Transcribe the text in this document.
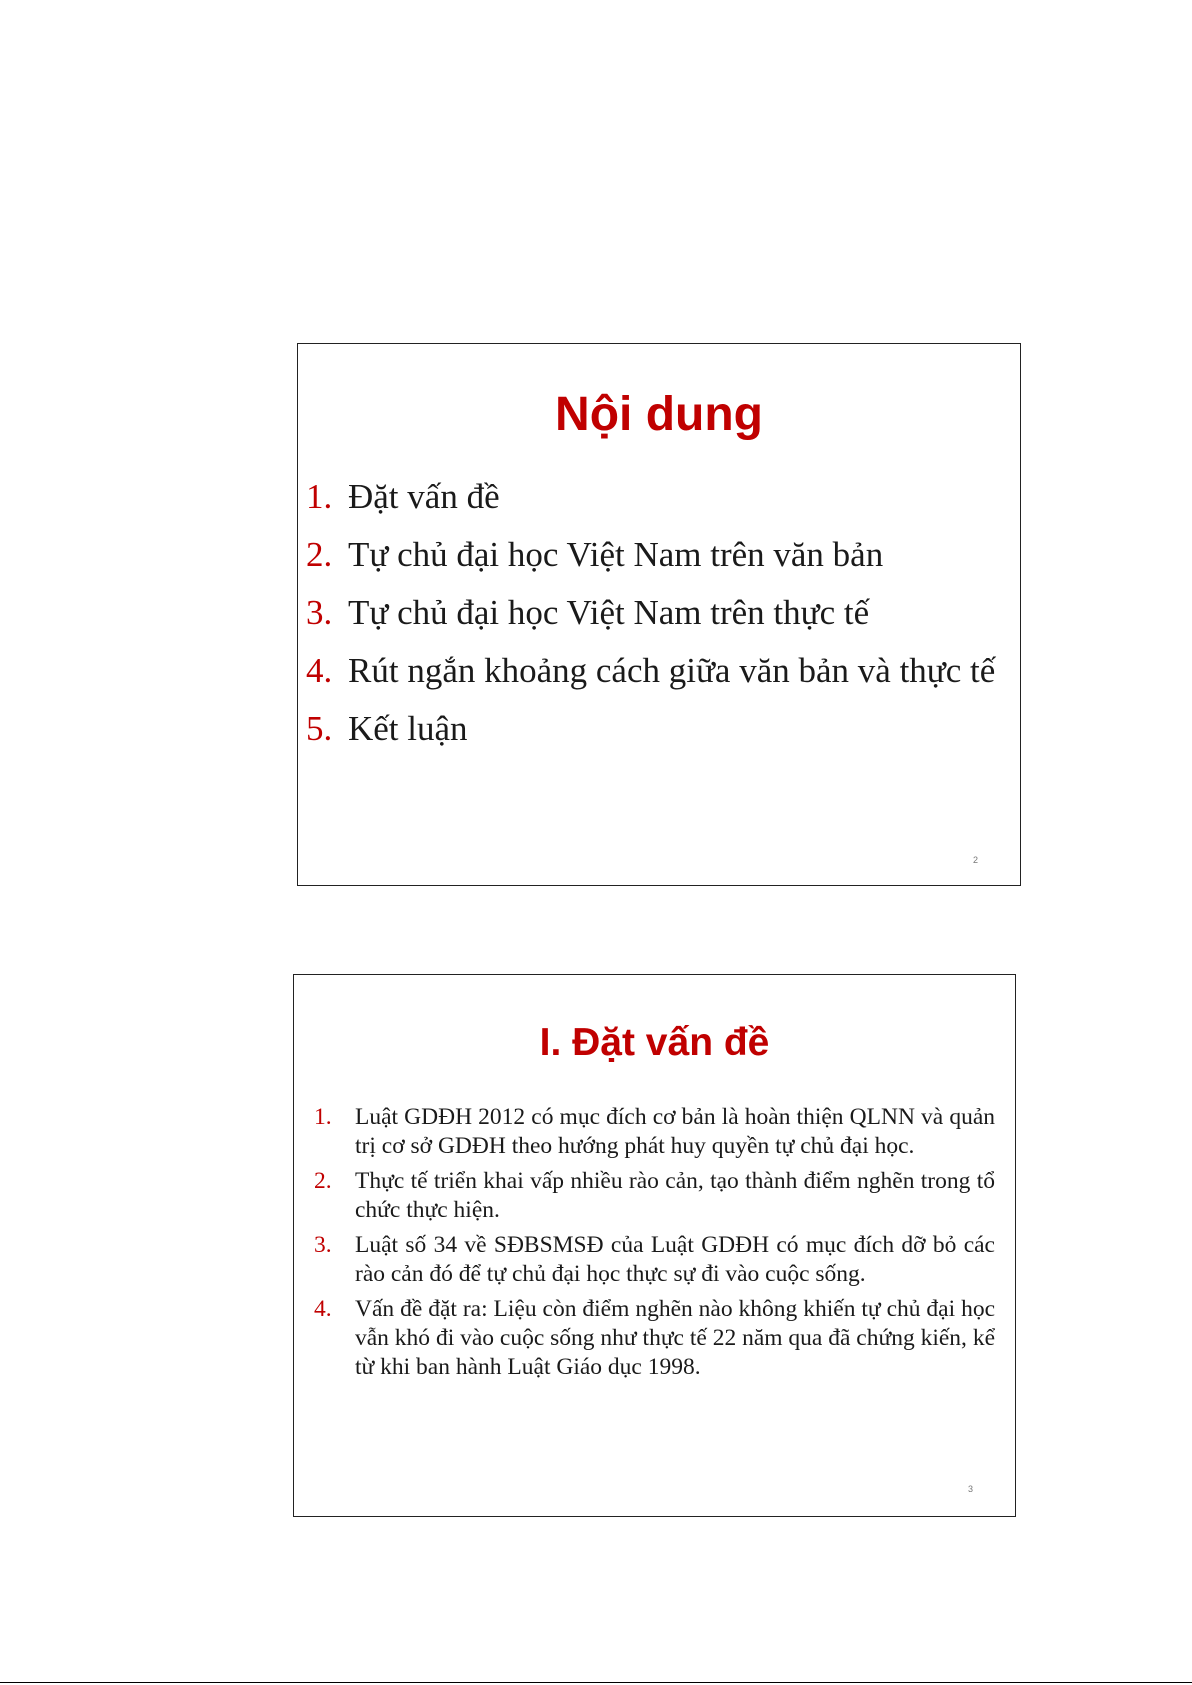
Nội dung
1. Đặt vấn đề
2. Tự chủ đại học Việt Nam trên văn bản
3. Tự chủ đại học Việt Nam trên thực tế
4. Rút ngắn khoảng cách giữa văn bản và thực tế
5. Kết luận
2
I. Đặt vấn đề
1. Luật GDĐH 2012 có mục đích cơ bản là hoàn thiện QLNN và quản trị cơ sở GDĐH theo hướng phát huy quyền tự chủ đại học.
2. Thực tế triển khai vấp nhiều rào cản, tạo thành điểm nghẽn trong tổ chức thực hiện.
3. Luật số 34 về SĐBSMSĐ của Luật GDĐH có mục đích dỡ bỏ các rào cản đó để tự chủ đại học thực sự đi vào cuộc sống.
4. Vấn đề đặt ra: Liệu còn điểm nghẽn nào không khiến tự chủ đại học vẫn khó đi vào cuộc sống như thực tế 22 năm qua đã chứng kiến, kể từ khi ban hành Luật Giáo dục 1998.
3
